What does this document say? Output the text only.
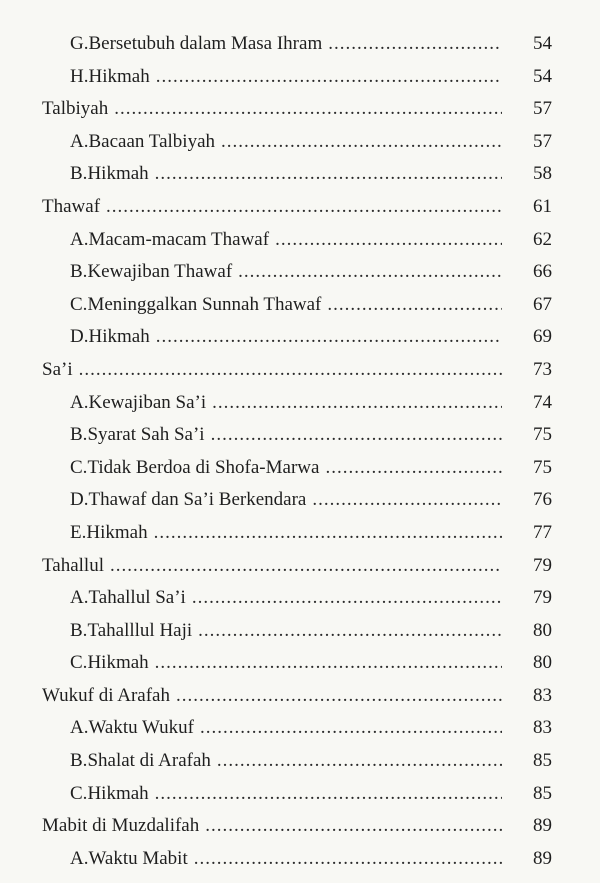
G. Bersetubuh dalam Masa Ihram .....	54
H. Hikmah .....	54
Talbiyah .....	57
A. Bacaan Talbiyah .....	57
B. Hikmah .....	58
Thawaf .....	61
A. Macam-macam Thawaf .....	62
B. Kewajiban Thawaf .....	66
C. Meninggalkan Sunnah Thawaf .....	67
D. Hikmah .....	69
Sa’i .....	73
A. Kewajiban Sa’i .....	74
B. Syarat Sah Sa’i .....	75
C. Tidak Berdoa di Shofa-Marwa .....	75
D. Thawaf dan Sa’i Berkendara .....	76
E. Hikmah .....	77
Tahallul .....	79
A. Tahallul Sa’i .....	79
B. Tahalllul Haji .....	80
C. Hikmah .....	80
Wukuf di Arafah .....	83
A. Waktu Wukuf .....	83
B. Shalat di Arafah .....	85
C. Hikmah .....	85
Mabit di Muzdalifah .....	89
A. Waktu Mabit .....	89
